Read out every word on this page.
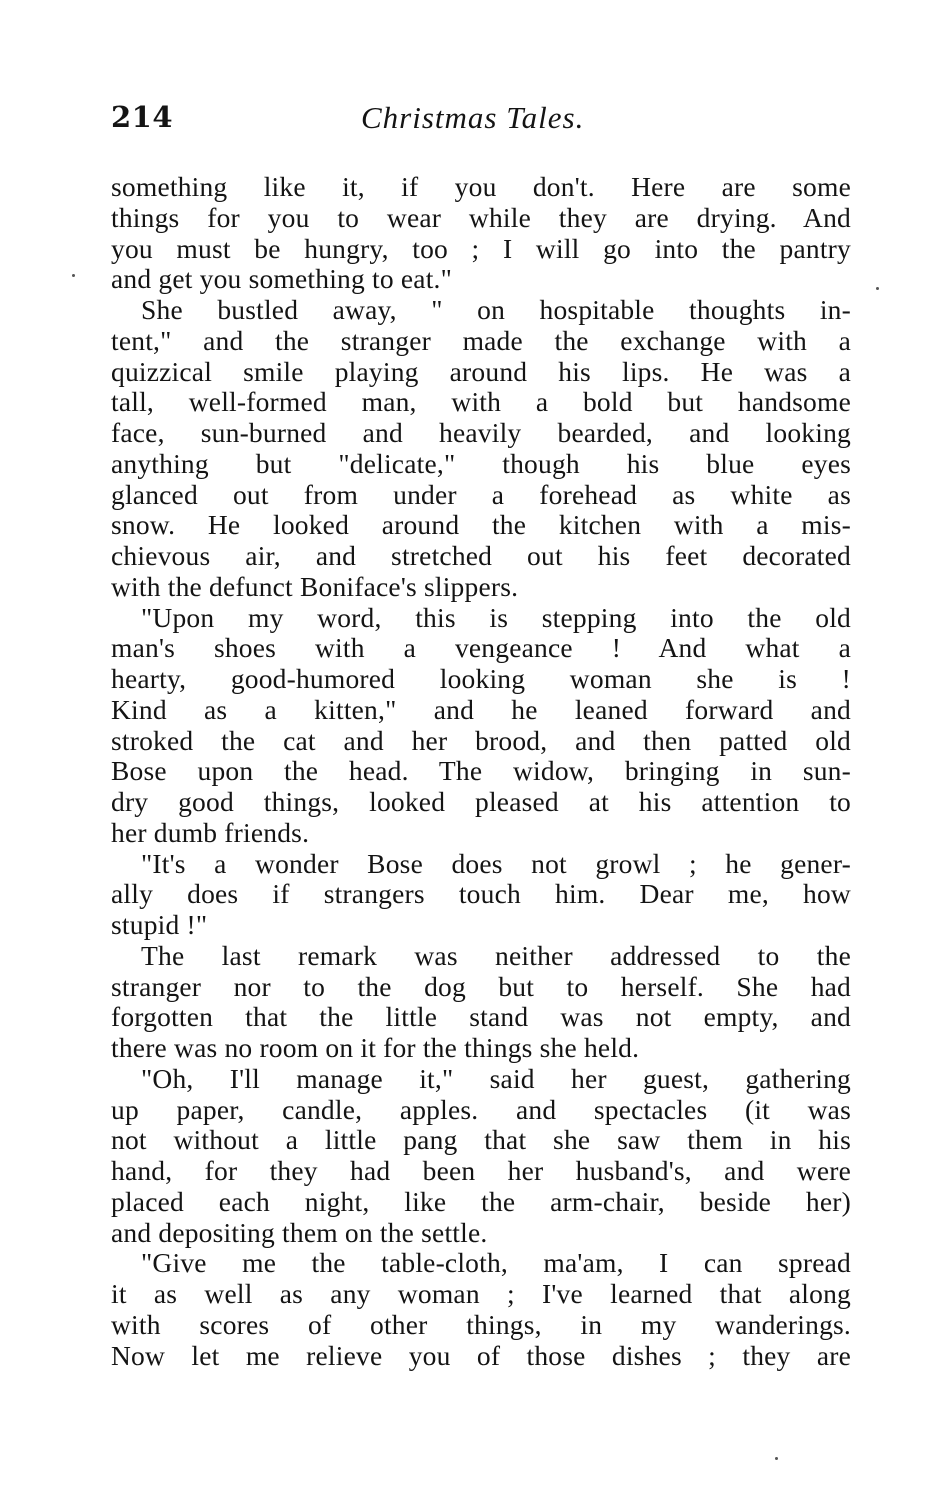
214	Christmas Tales.
something like it, if you don't. Here are some
things for you to wear while they are drying. And
you must be hungry, too ; I will go into the pantry
and get you something to eat."
She bustled away, " on hospitable thoughts in-
tent," and the stranger made the exchange with a
quizzical smile playing around his lips. He was a
tall, well-formed man, with a bold but handsome
face, sun-burned and heavily bearded, and looking
anything but "delicate," though his blue eyes
glanced out from under a forehead as white as
snow. He looked around the kitchen with a mis-
chievous air, and stretched out his feet decorated
with the defunct Boniface's slippers.
"Upon my word, this is stepping into the old
man's shoes with a vengeance ! And what a
hearty, good-humored looking woman she is !
Kind as a kitten," and he leaned forward and
stroked the cat and her brood, and then patted old
Bose upon the head. The widow, bringing in sun-
dry good things, looked pleased at his attention to
her dumb friends.
"It's a wonder Bose does not growl ; he gener-
ally does if strangers touch him. Dear me, how
stupid !"
The last remark was neither addressed to the
stranger nor to the dog but to herself. She had
forgotten that the little stand was not empty, and
there was no room on it for the things she held.
"Oh, I'll manage it," said her guest, gathering
up paper, candle, apples. and spectacles (it was
not without a little pang that she saw them in his
hand, for they had been her husband's, and were
placed each night, like the arm-chair, beside her)
and depositing them on the settle.
"Give me the table-cloth, ma'am, I can spread
it as well as any woman ; I've learned that along
with scores of other things, in my wanderings.
Now let me relieve you of those dishes ; they are
